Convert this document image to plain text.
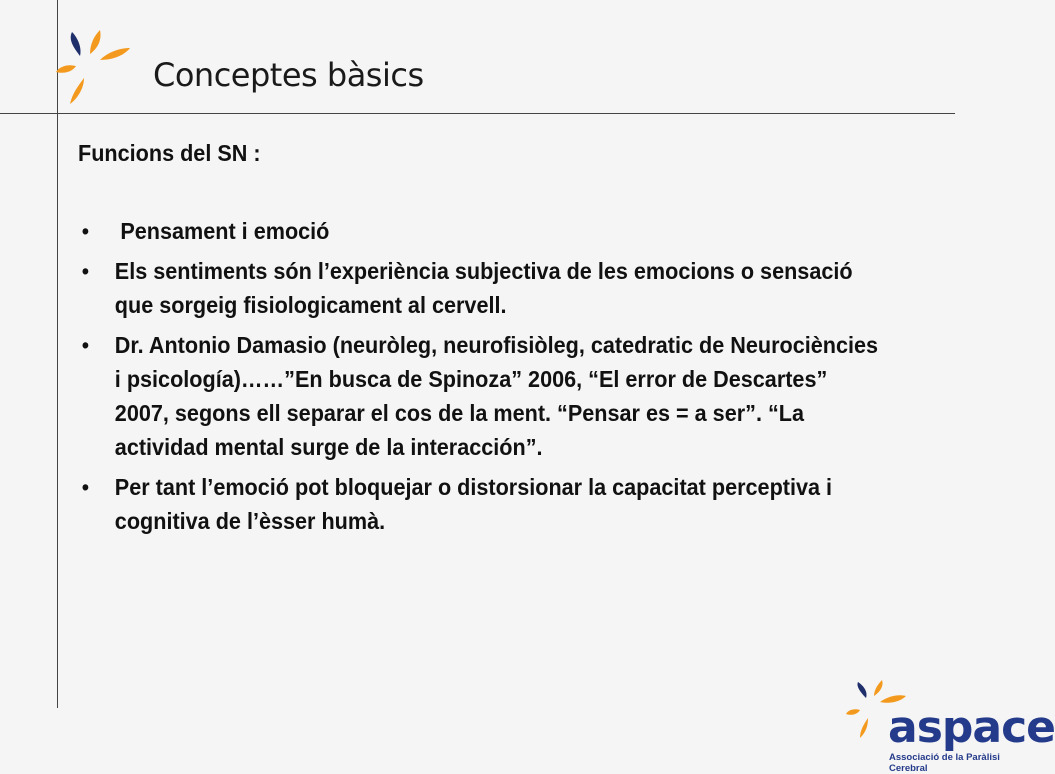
Conceptes bàsics
Funcions del SN :
• Pensament i emoció
• Els sentiments són l’experiència subjectiva de les emocions o sensació que sorgeig fisiologicament al cervell.
• Dr. Antonio Damasio (neuròleg, neurofisiòleg, catedratic de Neurociències i psicología)……”En busca de Spinoza” 2006, “El error de Descartes” 2007, segons ell separar el cos de la ment. “Pensar es = a ser”. “La actividad mental surge de la interacción”.
• Per tant l’emoció pot bloquejar o distorsionar la capacitat perceptiva i cognitiva de l’èsser humà.
aspace
Associació de la Paràlisi Cerebral
